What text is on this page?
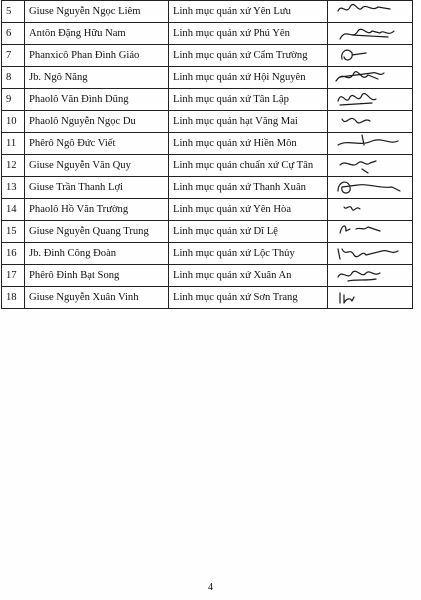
5	Giuse Nguyễn Ngọc Liêm	Linh mục quản xứ Yên Lưu	

6	Antôn Đặng Hữu Nam	Linh mục quản xứ Phú Yên	

7	Phanxicô Phan Đình Giáo	Linh mục quản xứ Cẩm Trường	

8	Jb. Ngô Năng	Linh mục quản xứ Hội Nguyên	

9	Phaolô Văn Đình Dũng	Linh mục quản xứ Tân Lập	

10	Phaolô Nguyễn Ngọc Du	Linh mục quản hạt Văng Mai	

11	Phêrô Ngô Đức Viết	Linh mục quản xứ Hiền Môn	

12	Giuse Nguyễn Văn Quy	Linh mục quản chuẩn xứ Cự Tân	

13	Giuse Trần Thanh Lợi	Linh mục quản xứ Thanh Xuân	

14	Phaolô Hồ Văn Trường	Linh mục quản xứ Yên Hòa	

15	Giuse Nguyễn Quang Trung	Linh mục quản xứ Dĩ Lệ	

16	Jb. Đinh Công Đoàn	Linh mục quản xứ Lộc Thủy	

17	Phêrô Đinh Bạt Song	Linh mục quản xứ Xuân An	

18	Giuse Nguyễn Xuân Vinh	Linh mục quản xứ Sơn Trang	
4
